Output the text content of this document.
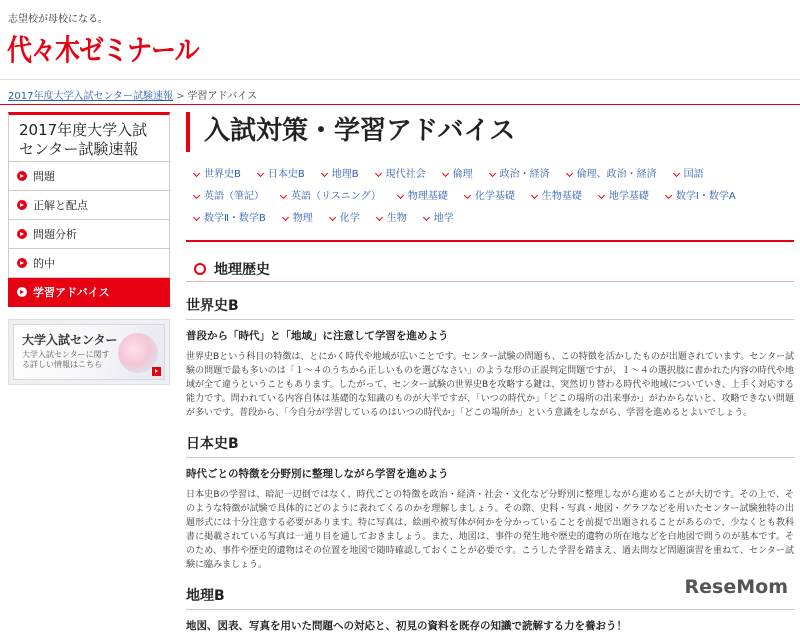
志望校が母校になる。
代々木ゼミナール
2017年度大学入試センター試験速報 > 学習アドバイス
2017年度大学入試
センター試験速報
問題
正解と配点
問題分析
的中
学習アドバイス
大学入試センター
大学入試センターに関する詳しい情報はこちら
入試対策・学習アドバイス
世界史B	日本史B	地理B	現代社会	倫理	政治・経済	倫理、政治・経済	国語
英語（筆記）	英語（リスニング）	物理基礎	化学基礎	生物基礎	地学基礎	数学Ⅰ・数学A
数学Ⅱ・数学B	物理	化学	生物	地学
地理歴史
世界史B
普段から「時代」と「地域」に注意して学習を進めよう

世界史Bという科目の特徴は、とにかく時代や地域が広いことです。センター試験の問題も、この特徴を活かしたものが出題されています。センター試験の問題で最も多いのは「１～４のうちから正しいものを選びなさい」のような形の正誤判定問題ですが、１～４の選択肢に書かれた内容の時代や地域が全て違うということもあります。したがって、センター試験の世界史Bを攻略する鍵は、突然切り替わる時代や地域についていき、上手く対応する能力です。問われている内容自体は基礎的な知識のものが大半ですが、「いつの時代か」「どこの場所の出来事か」がわからないと、攻略できない問題が多いです。普段から、「今自分が学習しているのはいつの時代か」「どこの場所か」という意識をしながら、学習を進めるとよいでしょう。

日本史B
時代ごとの特徴を分野別に整理しながら学習を進めよう

日本史Bの学習は、暗記一辺倒ではなく、時代ごとの特徴を政治・経済・社会・文化など分野別に整理しながら進めることが大切です。その上で、そのような特徴が試験で具体的にどのように表れてくるのかを理解しましょう。その際、史料・写真・地図・グラフなどを用いたセンター試験独特の出題形式には十分注意する必要があります。特に写真は、絵画や被写体が何かを分かっていることを前提で出題されることがあるので、少なくとも教科書に掲載されている写真は一通り目を通しておきましょう。また、地図は、事件の発生地や歴史的遺物の所在地などを白地図で問うのが基本です。そのため、事件や歴史的遺物はその位置を地図で随時確認しておくことが必要です。こうした学習を踏まえ、過去問など問題演習を重ねて、センター試験に臨みましょう。

地理B
地図、図表、写真を用いた問題への対応と、初見の資料を既存の知識で読解する力を養おう！
ReseMom
